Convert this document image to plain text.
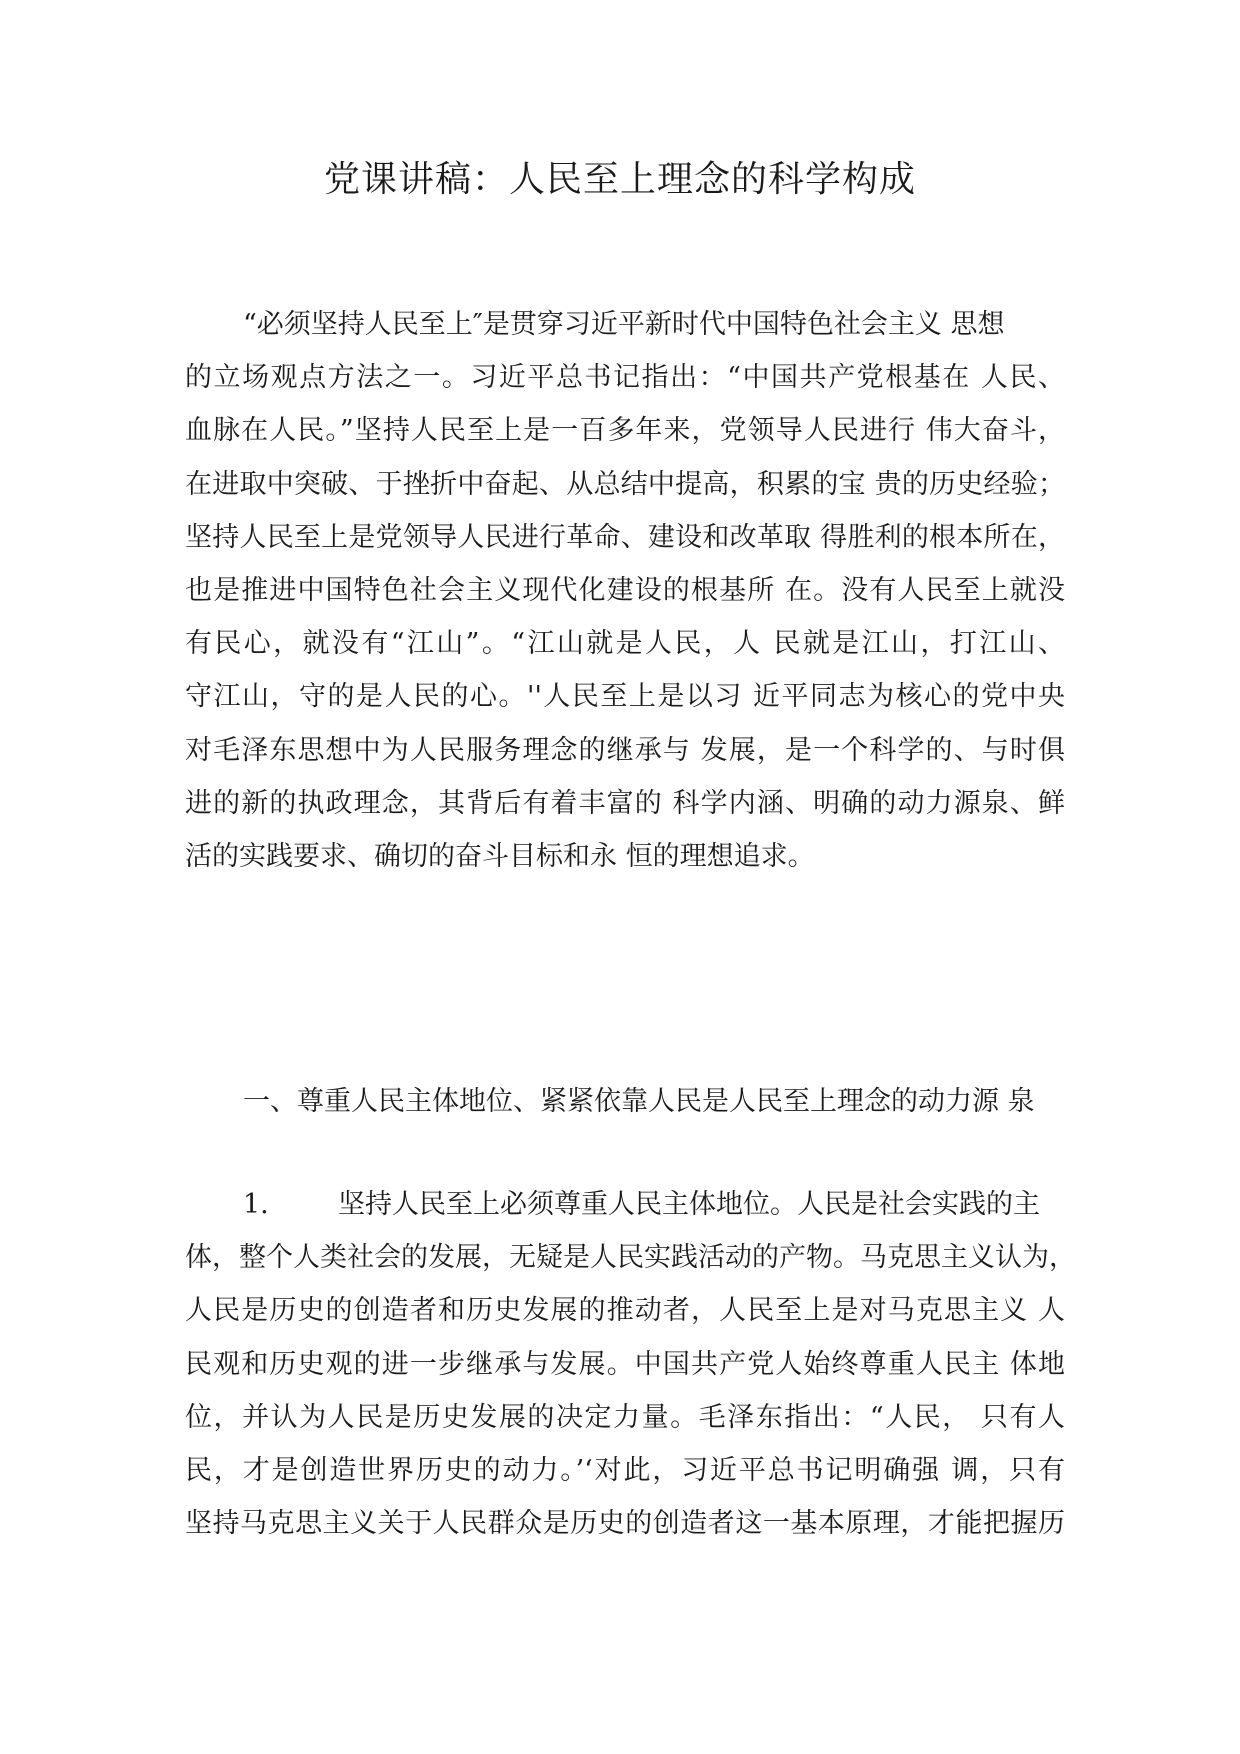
党课讲稿：人民至上理念的科学构成
“必须坚持人民至上″是贯穿习近平新时代中国特色社会主义 思想
的立场观点方法之一。习近平总书记指出：“中国共产党根基在 人民、
血脉在人民。”坚持人民至上是一百多年来，党领导人民进行 伟大奋斗，
在进取中突破、于挫折中奋起、从总结中提高，积累的宝 贵的历史经验；
坚持人民至上是党领导人民进行革命、建设和改革取 得胜利的根本所在，
也是推进中国特色社会主义现代化建设的根基所 在。没有人民至上就没
有民心，就没有“江山”。“江山就是人民，人 民就是江山，打江山、
守江山，守的是人民的心。''人民至上是以习 近平同志为核心的党中央
对毛泽东思想中为人民服务理念的继承与 发展，是一个科学的、与时俱
进的新的执政理念，其背后有着丰富的 科学内涵、明确的动力源泉、鲜
活的实践要求、确切的奋斗目标和永 恒的理想追求。
一、尊重人民主体地位、紧紧依靠人民是人民至上理念的动力源 泉
1.	坚持人民至上必须尊重人民主体地位。人民是社会实践的主
体，整个人类社会的发展，无疑是人民实践活动的产物。马克思主义认为，
人民是历史的创造者和历史发展的推动者，人民至上是对马克思主义 人
民观和历史观的进一步继承与发展。中国共产党人始终尊重人民主 体地
位，并认为人民是历史发展的决定力量。毛泽东指出：“人民， 只有人
民，才是创造世界历史的动力。’‘对此，习近平总书记明确强 调，只有
坚持马克思主义关于人民群众是历史的创造者这一基本原理，才能把握历
